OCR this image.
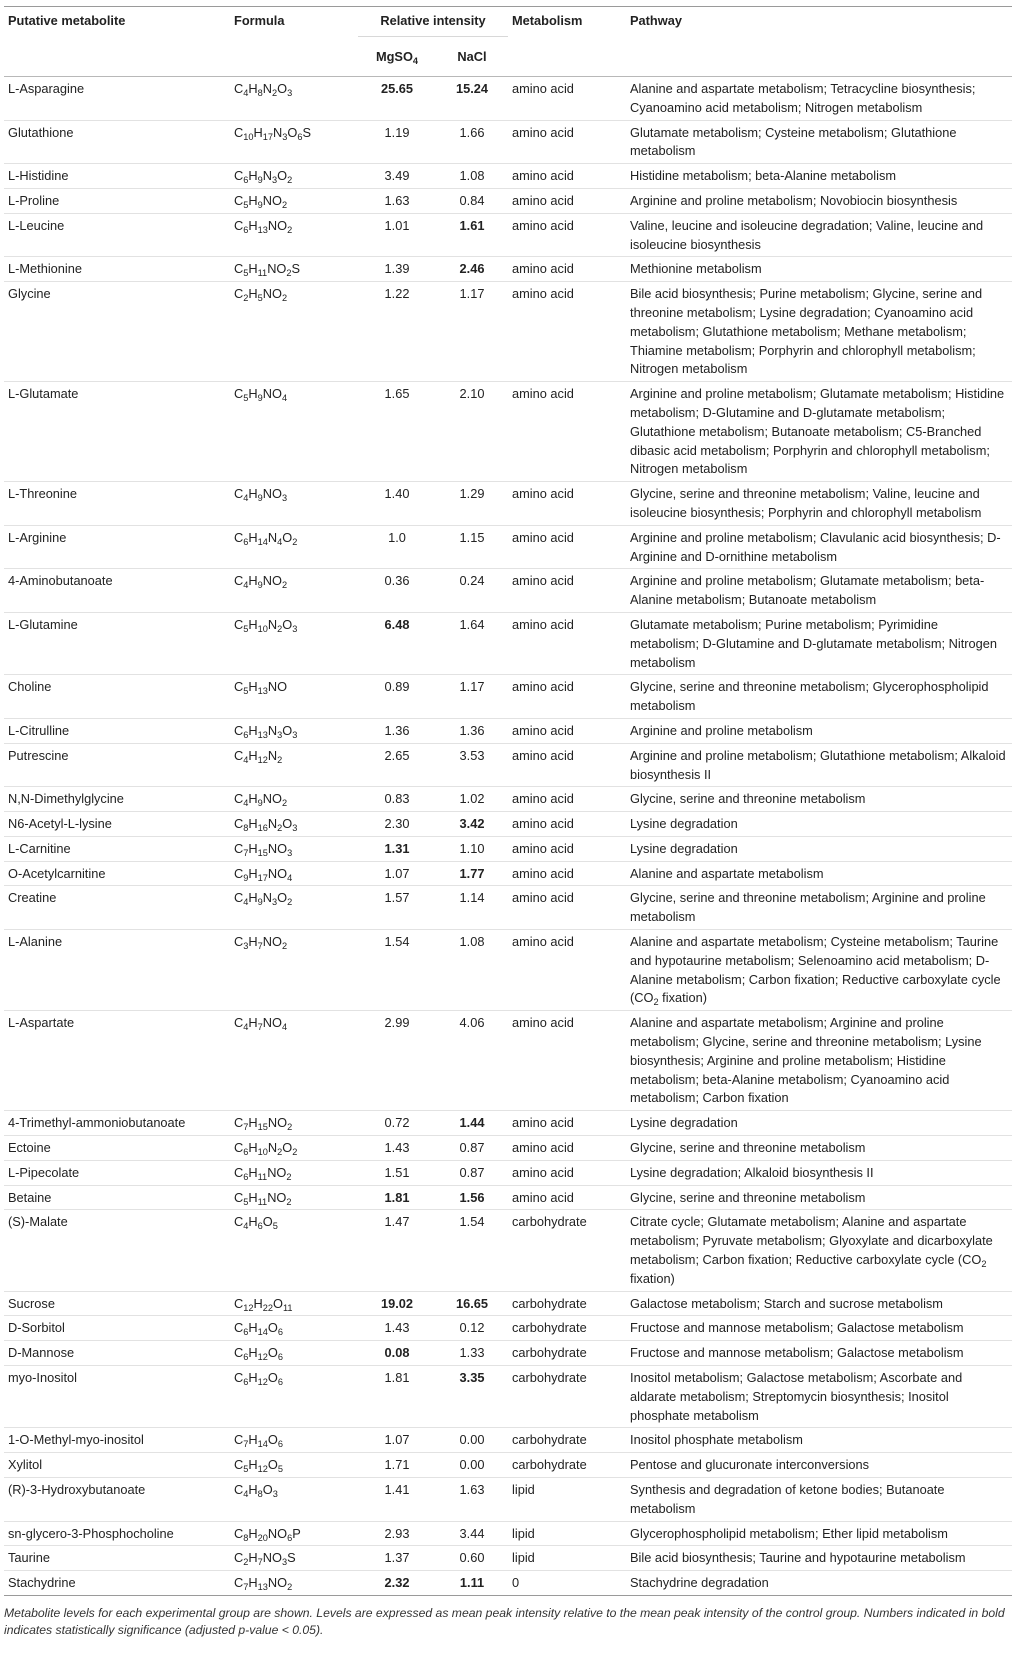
Putative metabolite	Formula	Relative intensity		Metabolism	Pathway
		MgSO$_4$	NaCl		
L-Asparagine	$C_4H_8N_2O_3$	25.65	15.24	amino acid	Alanine and aspartate metabolism; Tetracycline biosynthesis; Cyanoamino acid metabolism; Nitrogen metabolism
Glutathione	$C_{10}H_{17}N_3O_6S$	1.19	1.66	amino acid	Glutamate metabolism; Cysteine metabolism; Glutathione metabolism
L-Histidine	$C_6H_9N_3O_2$	3.49	1.08	amino acid	Histidine metabolism; beta-Alanine metabolism
L-Proline	$C_5H_9NO_2$	1.63	0.84	amino acid	Arginine and proline metabolism; Novobiocin biosynthesis
L-Leucine	$C_6H_{13}NO_2$	1.01	1.61	amino acid	Valine, leucine and isoleucine degradation; Valine, leucine and isoleucine biosynthesis
L-Methionine	$C_5H_{11}NO_2S$	1.39	2.46	amino acid	Methionine metabolism
Glycine	$C_2H_5NO_2$	1.22	1.17	amino acid	Bile acid biosynthesis; Purine metabolism; Glycine, serine and threonine metabolism; Lysine degradation; Cyanoamino acid metabolism; Glutathione metabolism; Methane metabolism; Thiamine metabolism; Porphyrin and chlorophyll metabolism; Nitrogen metabolism
L-Glutamate	$C_5H_9NO_4$	1.65	2.10	amino acid	Arginine and proline metabolism; Glutamate metabolism; Histidine metabolism; D-Glutamine and D-glutamate metabolism; Glutathione metabolism; Butanoate metabolism; C5-Branched dibasic acid metabolism; Porphyrin and chlorophyll metabolism; Nitrogen metabolism
L-Threonine	$C_4H_9NO_3$	1.40	1.29	amino acid	Glycine, serine and threonine metabolism; Valine, leucine and isoleucine biosynthesis; Porphyrin and chlorophyll metabolism
L-Arginine	$C_6H_{14}N_4O_2$	1.0	1.15	amino acid	Arginine and proline metabolism; Clavulanic acid biosynthesis; D-Arginine and D-ornithine metabolism
4-Aminobutanoate	$C_4H_9NO_2$	0.36	0.24	amino acid	Arginine and proline metabolism; Glutamate metabolism; beta-Alanine metabolism; Butanoate metabolism
L-Glutamine	$C_5H_{10}N_2O_3$	6.48	1.64	amino acid	Glutamate metabolism; Purine metabolism; Pyrimidine metabolism; D-Glutamine and D-glutamate metabolism; Nitrogen metabolism
Choline	$C_5H_{13}NO$	0.89	1.17	amino acid	Glycine, serine and threonine metabolism; Glycerophospholipid metabolism
L-Citrulline	$C_6H_{13}N_3O_3$	1.36	1.36	amino acid	Arginine and proline metabolism
Putrescine	$C_4H_{12}N_2$	2.65	3.53	amino acid	Arginine and proline metabolism; Glutathione metabolism; Alkaloid biosynthesis II
N,N-Dimethylglycine	$C_4H_9NO_2$	0.83	1.02	amino acid	Glycine, serine and threonine metabolism
N6-Acetyl-L-lysine	$C_8H_{16}N_2O_3$	2.30	3.42	amino acid	Lysine degradation
L-Carnitine	$C_7H_{15}NO_3$	1.31	1.10	amino acid	Lysine degradation
O-Acetylcarnitine	$C_9H_{17}NO_4$	1.07	1.77	amino acid	Alanine and aspartate metabolism
Creatine	$C_4H_9N_3O_2$	1.57	1.14	amino acid	Glycine, serine and threonine metabolism; Arginine and proline metabolism
L-Alanine	$C_3H_7NO_2$	1.54	1.08	amino acid	Alanine and aspartate metabolism; Cysteine metabolism; Taurine and hypotaurine metabolism; Selenoamino acid metabolism; D-Alanine metabolism; Carbon fixation; Reductive carboxylate cycle ($CO_2$ fixation)
L-Aspartate	$C_4H_7NO_4$	2.99	4.06	amino acid	Alanine and aspartate metabolism; Arginine and proline metabolism; Glycine, serine and threonine metabolism; Lysine biosynthesis; Arginine and proline metabolism; Histidine metabolism; beta-Alanine metabolism; Cyanoamino acid metabolism; Carbon fixation
4-Trimethyl-ammoniobutanoate	$C_7H_{15}NO_2$	0.72	1.44	amino acid	Lysine degradation
Ectoine	$C_6H_{10}N_2O_2$	1.43	0.87	amino acid	Glycine, serine and threonine metabolism
L-Pipecolate	$C_6H_{11}NO_2$	1.51	0.87	amino acid	Lysine degradation; Alkaloid biosynthesis II
Betaine	$C_5H_{11}NO_2$	1.81	1.56	amino acid	Glycine, serine and threonine metabolism
(S)-Malate	$C_4H_6O_5$	1.47	1.54	carbohydrate	Citrate cycle; Glutamate metabolism; Alanine and aspartate metabolism; Pyruvate metabolism; Glyoxylate and dicarboxylate metabolism; Carbon fixation; Reductive carboxylate cycle ($CO_2$ fixation)
Sucrose	$C_{12}H_{22}O_{11}$	19.02	16.65	carbohydrate	Galactose metabolism; Starch and sucrose metabolism
D-Sorbitol	$C_6H_{14}O_6$	1.43	0.12	carbohydrate	Fructose and mannose metabolism; Galactose metabolism
D-Mannose	$C_6H_{12}O_6$	0.08	1.33	carbohydrate	Fructose and mannose metabolism; Galactose metabolism
myo-Inositol	$C_6H_{12}O_6$	1.81	3.35	carbohydrate	Inositol metabolism; Galactose metabolism; Ascorbate and aldarate metabolism; Streptomycin biosynthesis; Inositol phosphate metabolism
1-O-Methyl-myo-inositol	$C_7H_{14}O_6$	1.07	0.00	carbohydrate	Inositol phosphate metabolism
Xylitol	$C_5H_{12}O_5$	1.71	0.00	carbohydrate	Pentose and glucuronate interconversions
(R)-3-Hydroxybutanoate	$C_4H_8O_3$	1.41	1.63	lipid	Synthesis and degradation of ketone bodies; Butanoate metabolism
sn-glycero-3-Phosphocholine	$C_8H_{20}NO_6P$	2.93	3.44	lipid	Glycerophospholipid metabolism; Ether lipid metabolism
Taurine	$C_2H_7NO_3S$	1.37	0.60	lipid	Bile acid biosynthesis; Taurine and hypotaurine metabolism
Stachydrine	$C_7H_{13}NO_2$	2.32	1.11	0	Stachydrine degradation

Metabolite levels for each experimental group are shown. Levels are expressed as mean peak intensity relative to the mean peak intensity of the control group. Numbers indicated in bold indicates statistically significance (adjusted p-value < 0.05).
